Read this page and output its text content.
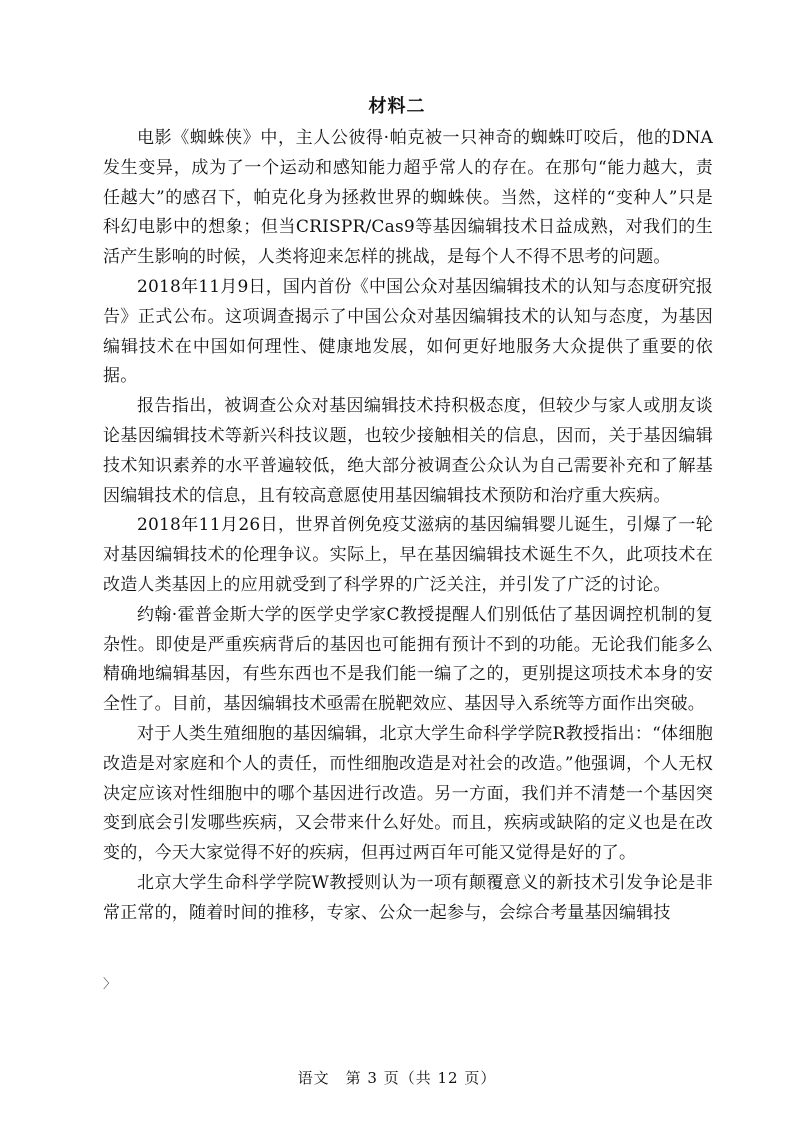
材料二

电影《蜘蛛侠》中，主人公彼得·帕克被一只神奇的蜘蛛叮咬后，他的DNA发生变异，成为了一个运动和感知能力超乎常人的存在。在那句“能力越大，责任越大”的感召下，帕克化身为拯救世界的蜘蛛侠。当然，这样的“变种人”只是科幻电影中的想象；但当CRISPR/Cas9等基因编辑技术日益成熟，对我们的生活产生影响的时候，人类将迎来怎样的挑战，是每个人不得不思考的问题。

2018年11月9日，国内首份《中国公众对基因编辑技术的认知与态度研究报告》正式公布。这项调查揭示了中国公众对基因编辑技术的认知与态度，为基因编辑技术在中国如何理性、健康地发展，如何更好地服务大众提供了重要的依据。

报告指出，被调查公众对基因编辑技术持积极态度，但较少与家人或朋友谈论基因编辑技术等新兴科技议题，也较少接触相关的信息，因而，关于基因编辑技术知识素养的水平普遍较低，绝大部分被调查公众认为自己需要补充和了解基因编辑技术的信息，且有较高意愿使用基因编辑技术预防和治疗重大疾病。

2018年11月26日，世界首例免疫艾滋病的基因编辑婴儿诞生，引爆了一轮对基因编辑技术的伦理争议。实际上，早在基因编辑技术诞生不久，此项技术在改造人类基因上的应用就受到了科学界的广泛关注，并引发了广泛的讨论。

约翰·霍普金斯大学的医学史学家C教授提醒人们别低估了基因调控机制的复杂性。即使是严重疾病背后的基因也可能拥有预计不到的功能。无论我们能多么精确地编辑基因，有些东西也不是我们能一编了之的，更别提这项技术本身的安全性了。目前，基因编辑技术亟需在脱靶效应、基因导入系统等方面作出突破。

对于人类生殖细胞的基因编辑，北京大学生命科学学院R教授指出：“体细胞改造是对家庭和个人的责任，而性细胞改造是对社会的改造。”他强调，个人无权决定应该对性细胞中的哪个基因进行改造。另一方面，我们并不清楚一个基因突变到底会引发哪些疾病，又会带来什么好处。而且，疾病或缺陷的定义也是在改变的，今天大家觉得不好的疾病，但再过两百年可能又觉得是好的了。

北京大学生命科学学院W教授则认为一项有颠覆意义的新技术引发争论是非常正常的，随着时间的推移，专家、公众一起参与，会综合考量基因编辑技

〉
语文　第 3 页（共 12 页）
